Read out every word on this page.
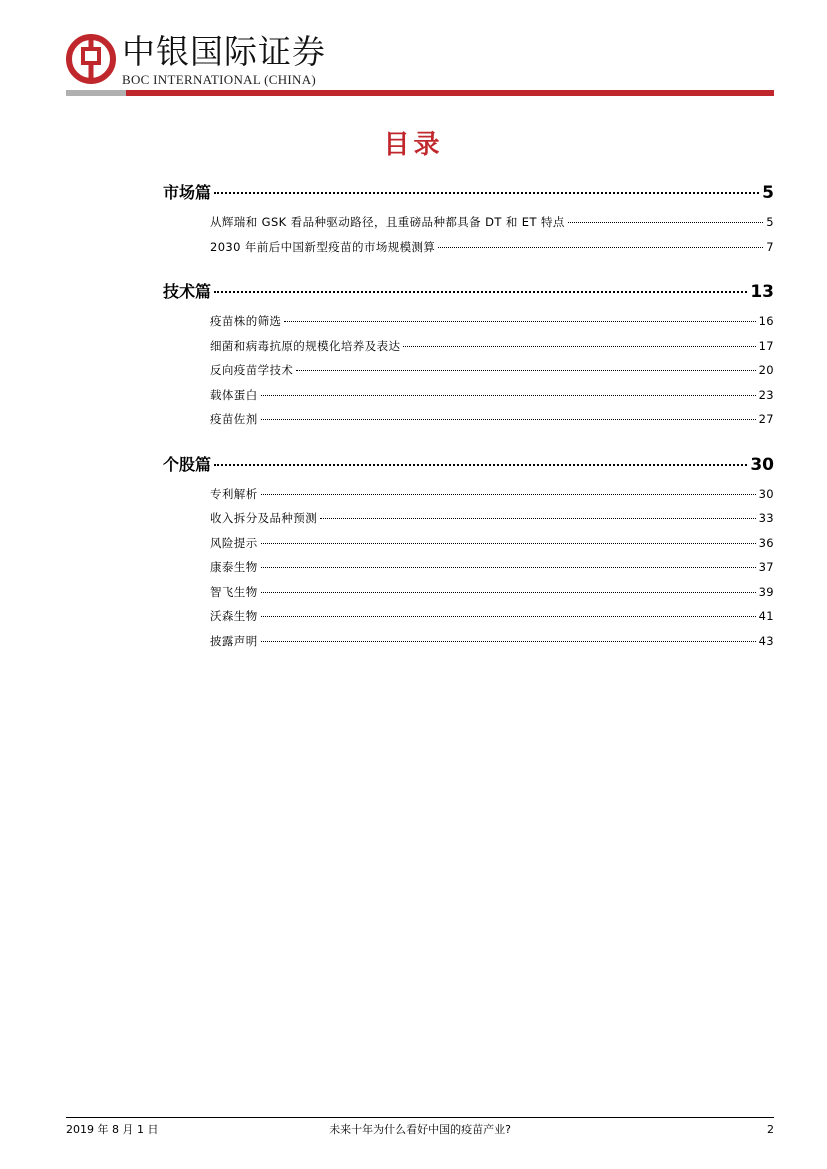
中银国际证券
BOC INTERNATIONAL (CHINA)
目录
市场篇	5
从辉瑞和 GSK 看品种驱动路径，且重磅品种都具备 DT 和 ET 特点	5
2030 年前后中国新型疫苗的市场规模测算	7
技术篇	13
疫苗株的筛选	16
细菌和病毒抗原的规模化培养及表达	17
反向疫苗学技术	20
载体蛋白	23
疫苗佐剂	27
个股篇	30
专利解析	30
收入拆分及品种预测	33
风险提示	36
康泰生物	37
智飞生物	39
沃森生物	41
披露声明	43
2019 年 8 月 1 日	未来十年为什么看好中国的疫苗产业?	2
